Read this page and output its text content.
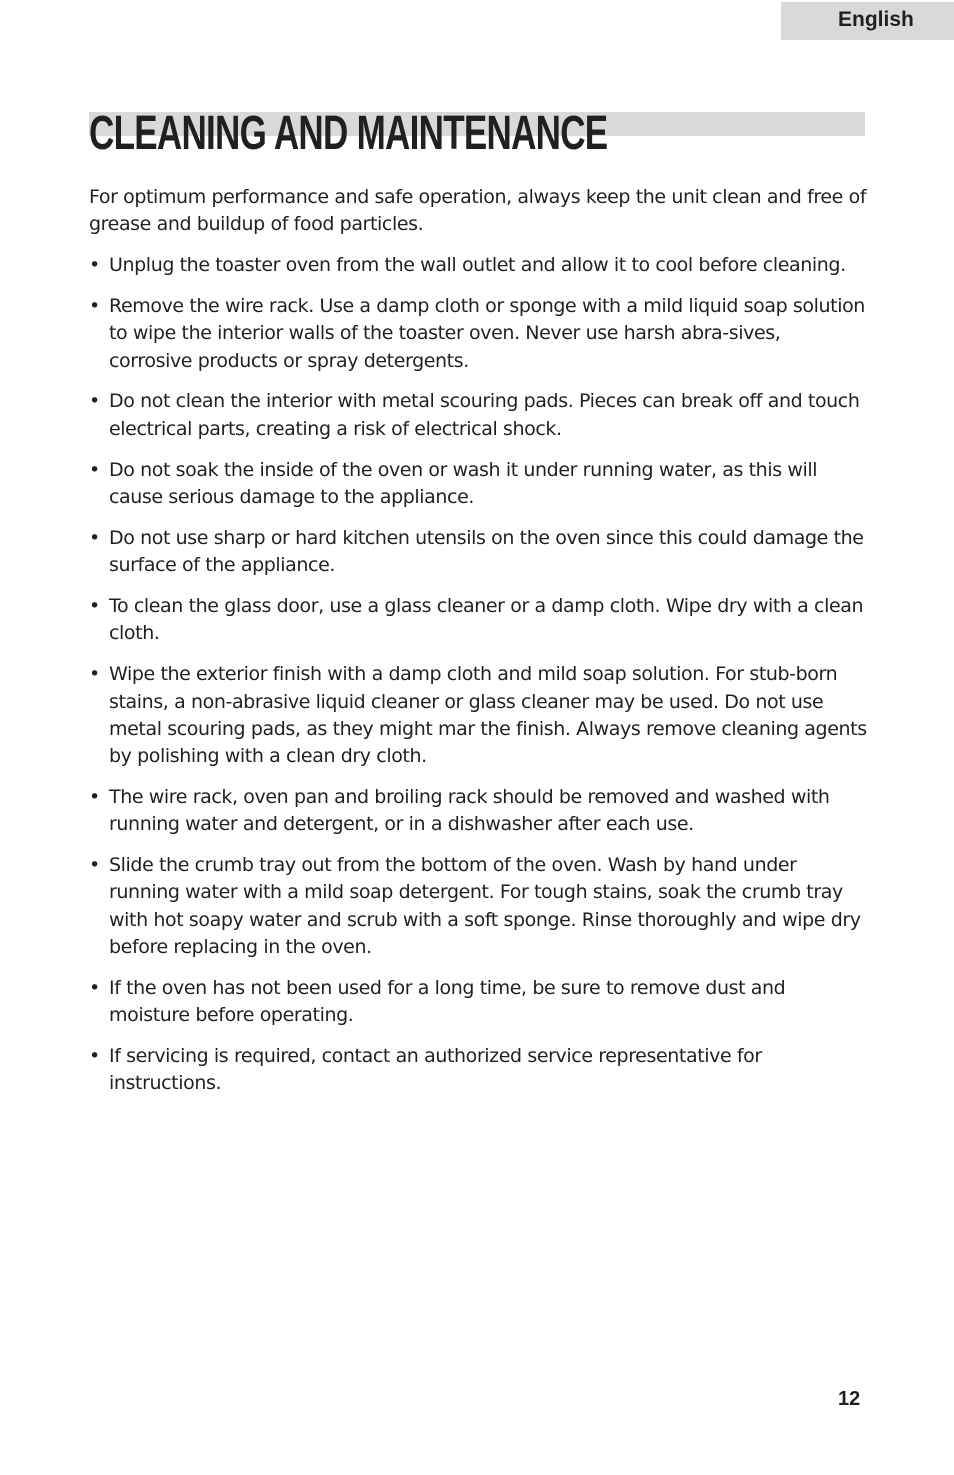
English
CLEANING AND MAINTENANCE

For optimum performance and safe operation, always keep the unit clean and free of grease and buildup of food particles.

• Unplug the toaster oven from the wall outlet and allow it to cool before cleaning.
• Remove the wire rack. Use a damp cloth or sponge with a mild liquid soap solution to wipe the interior walls of the toaster oven. Never use harsh abra-sives, corrosive products or spray detergents.
• Do not clean the interior with metal scouring pads. Pieces can break off and touch electrical parts, creating a risk of electrical shock.
• Do not soak the inside of the oven or wash it under running water, as this will cause serious damage to the appliance.
• Do not use sharp or hard kitchen utensils on the oven since this could damage the surface of the appliance.
• To clean the glass door, use a glass cleaner or a damp cloth. Wipe dry with a clean cloth.
• Wipe the exterior finish with a damp cloth and mild soap solution. For stub-born stains, a non-abrasive liquid cleaner or glass cleaner may be used. Do not use metal scouring pads, as they might mar the finish. Always remove cleaning agents by polishing with a clean dry cloth.
• The wire rack, oven pan and broiling rack should be removed and washed with running water and detergent, or in a dishwasher after each use.
• Slide the crumb tray out from the bottom of the oven. Wash by hand under running water with a mild soap detergent. For tough stains, soak the crumb tray with hot soapy water and scrub with a soft sponge. Rinse thoroughly and wipe dry before replacing in the oven.
• If the oven has not been used for a long time, be sure to remove dust and moisture before operating.
• If servicing is required, contact an authorized service representative for instructions.
12
